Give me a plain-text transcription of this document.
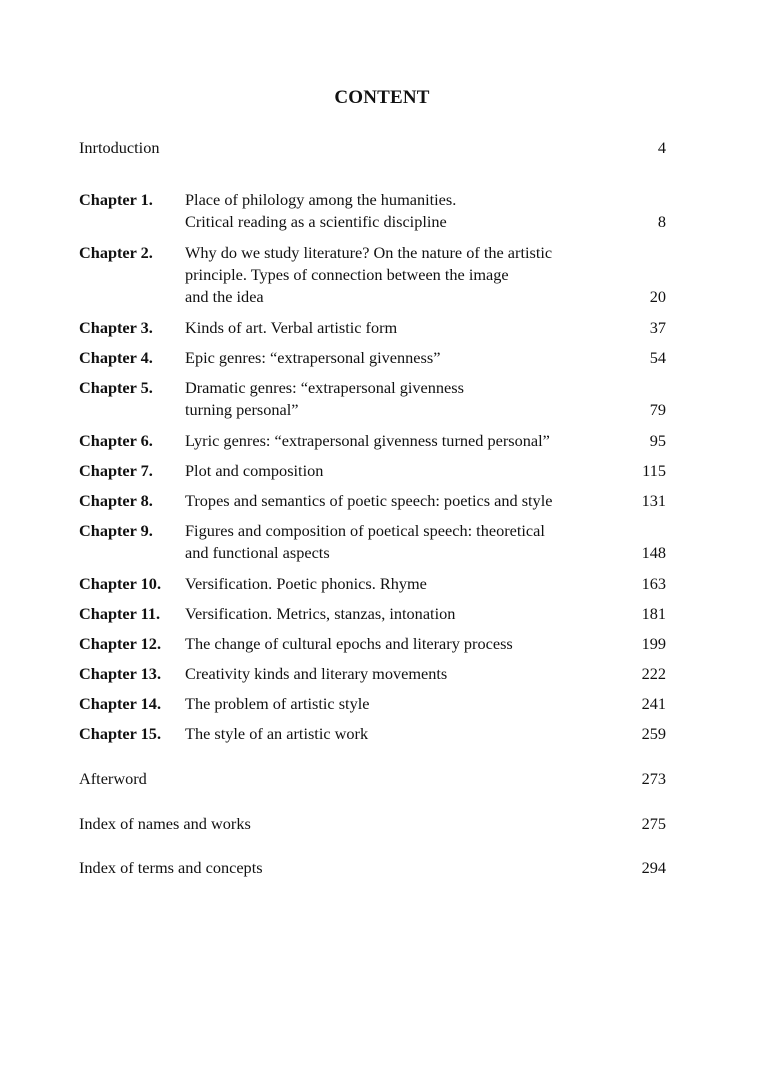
CONTENT
Inrtoduction	4
Chapter 1. Place of philology among the humanities.
Critical reading as a scientific discipline	8
Chapter 2. Why do we study literature? On the nature of the artistic
principle. Types of connection between the image
and the idea	20
Chapter 3. Kinds of art. Verbal artistic form	37
Chapter 4. Epic genres: “extrapersonal givenness”	54
Chapter 5. Dramatic genres: “extrapersonal givenness
turning personal”	79
Chapter 6. Lyric genres: “extrapersonal givenness turned personal”	95
Chapter 7. Plot and composition	115
Chapter 8. Tropes and semantics of poetic speech: poetics and style	131
Chapter 9. Figures and composition of poetical speech: theoretical
and functional aspects	148
Chapter 10. Versification. Poetic phonics. Rhyme	163
Chapter 11. Versification. Metrics, stanzas, intonation	181
Chapter 12. The change of cultural epochs and literary process	199
Chapter 13. Creativity kinds and literary movements	222
Chapter 14. The problem of artistic style	241
Chapter 15. The style of an artistic work	259
Afterword	273
Index of names and works	275
Index of terms and concepts	294
